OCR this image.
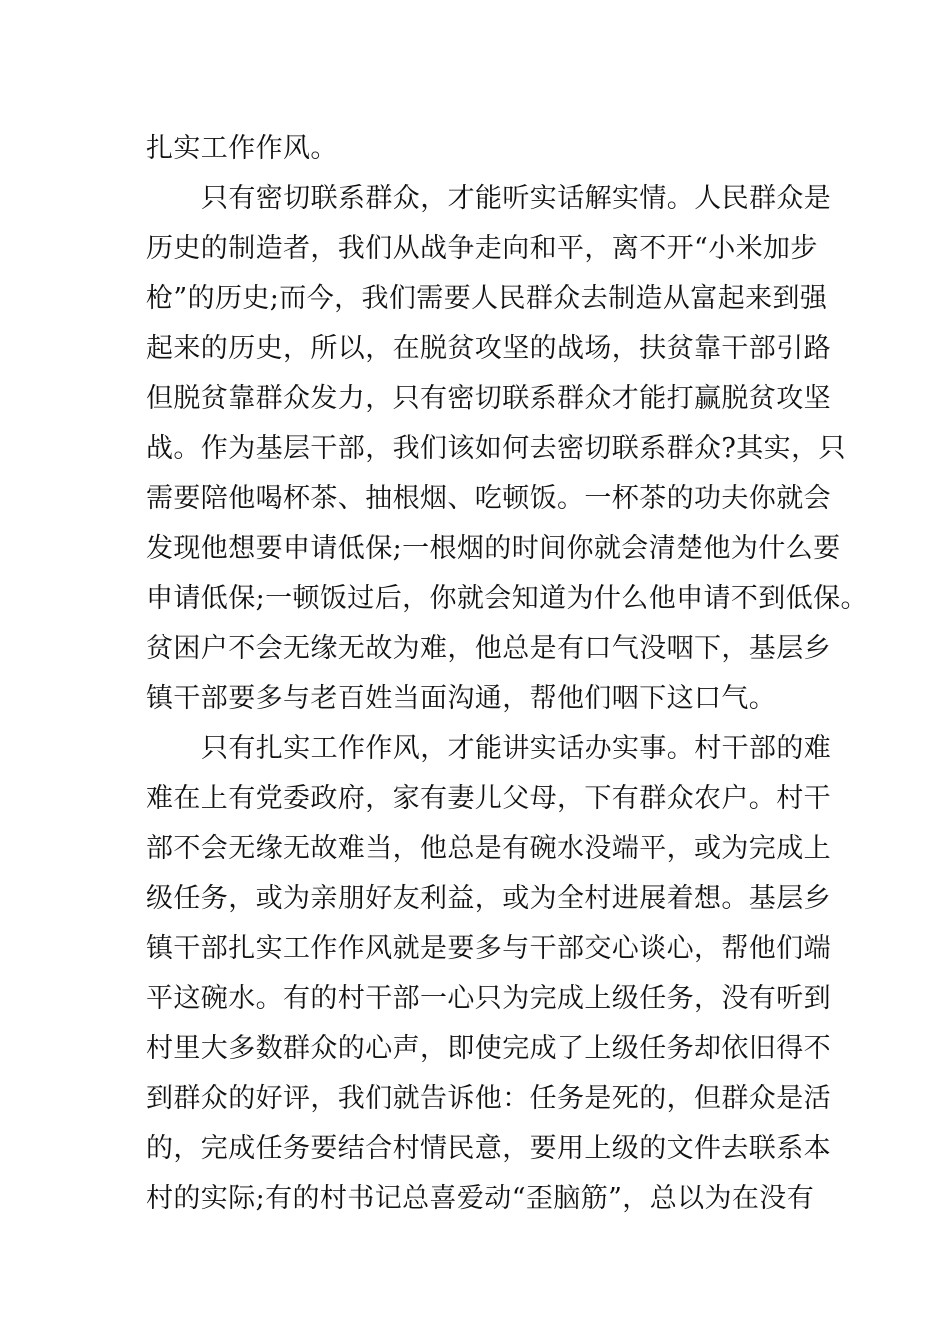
扎实工作作风。
只有密切联系群众，才能听实话解实情。人民群众是
历史的制造者，我们从战争走向和平，离不开“小米加步
枪”的历史;而今，我们需要人民群众去制造从富起来到强
起来的历史，所以，在脱贫攻坚的战场，扶贫靠干部引路
但脱贫靠群众发力，只有密切联系群众才能打赢脱贫攻坚
战。作为基层干部，我们该如何去密切联系群众?其实，只
需要陪他喝杯茶、抽根烟、吃顿饭。一杯茶的功夫你就会
发现他想要申请低保;一根烟的时间你就会清楚他为什么要
申请低保;一顿饭过后，你就会知道为什么他申请不到低保。
贫困户不会无缘无故为难，他总是有口气没咽下，基层乡
镇干部要多与老百姓当面沟通，帮他们咽下这口气。
只有扎实工作作风，才能讲实话办实事。村干部的难
难在上有党委政府，家有妻儿父母，下有群众农户。村干
部不会无缘无故难当，他总是有碗水没端平，或为完成上
级任务，或为亲朋好友利益，或为全村进展着想。基层乡
镇干部扎实工作作风就是要多与干部交心谈心，帮他们端
平这碗水。有的村干部一心只为完成上级任务，没有听到
村里大多数群众的心声，即使完成了上级任务却依旧得不
到群众的好评，我们就告诉他：任务是死的，但群众是活
的，完成任务要结合村情民意，要用上级的文件去联系本
村的实际;有的村书记总喜爱动“歪脑筋”，总以为在没有
